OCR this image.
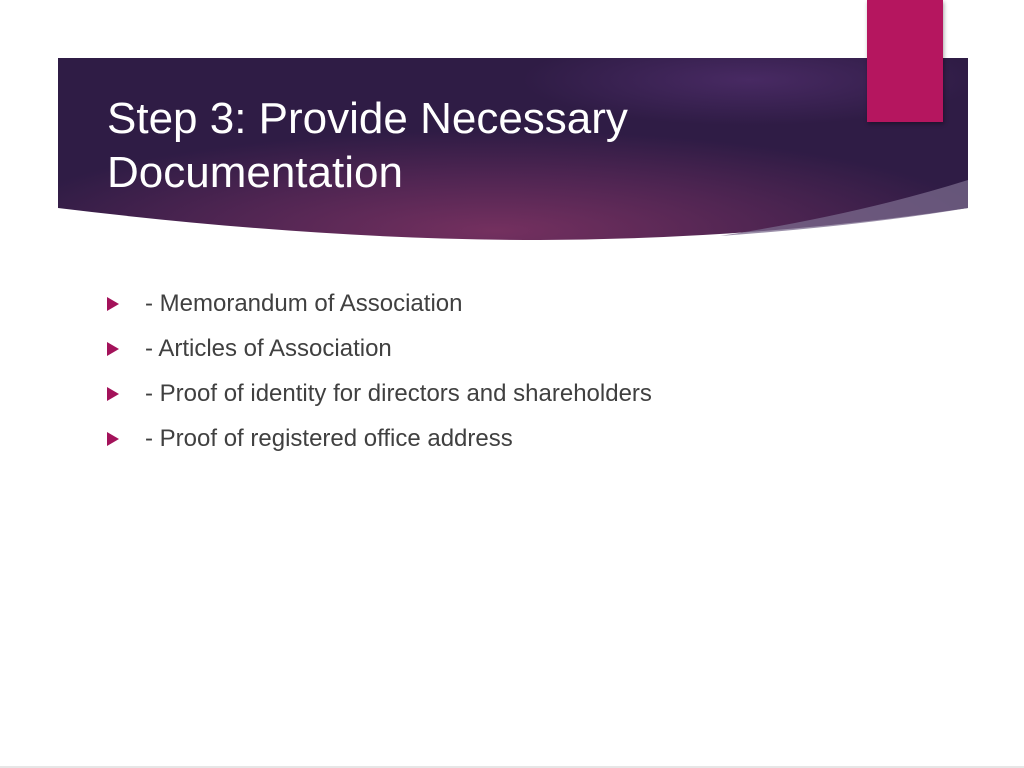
Step 3: Provide Necessary
Documentation
- Memorandum of Association
- Articles of Association
- Proof of identity for directors and shareholders
- Proof of registered office address
